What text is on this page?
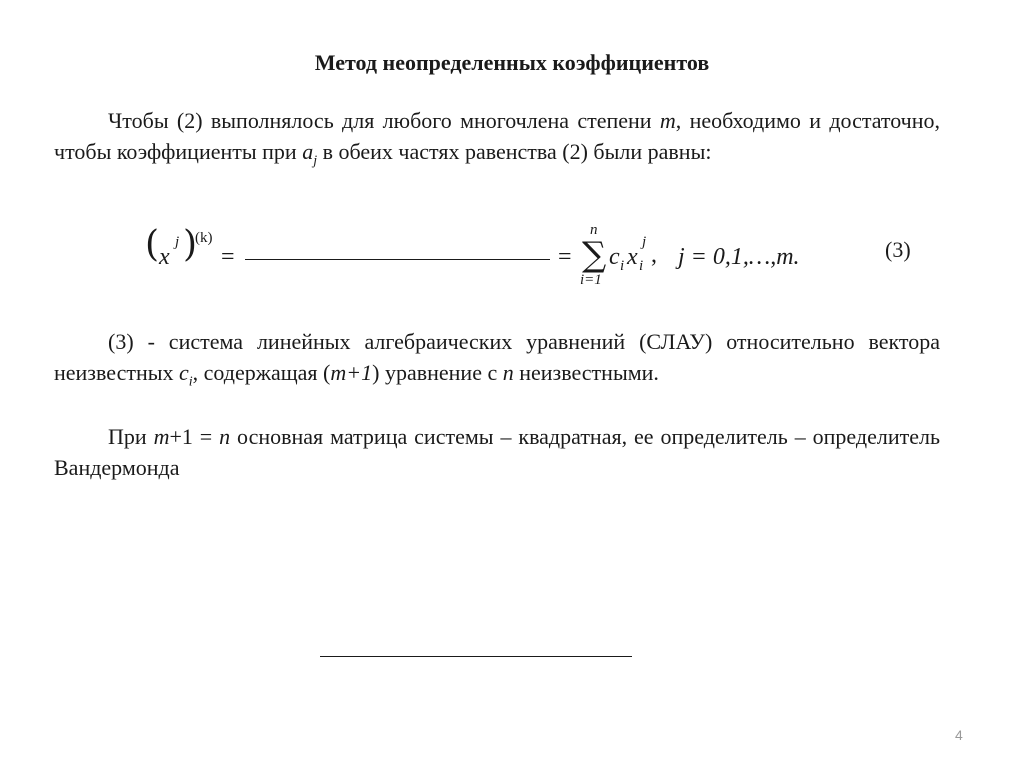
Метод неопределенных коэффициентов
Чтобы (2) выполнялось для любого многочлена степени m, необходимо и достаточно, чтобы коэффициенты при $a_j$ в обеих частях равенства (2) были равны:
( x
j )
(k)
=	=
n
∑
i=1
c i x i
j , j = 0,1,…,m.	(3)
(3) - система линейных алгебраических уравнений (СЛАУ) относительно вектора неизвестных $c_i$, содержащая (m+1) уравнение с n неизвестными.
При m+1 = n основная матрица системы – квадратная, ее определитель – определитель Вандермонда
4
